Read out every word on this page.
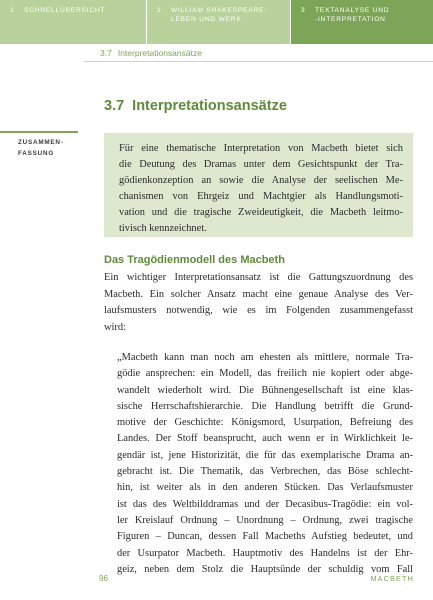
1 SCHNELLÜBERSICHT	2 WILLIAM SHAKESPEARE:
LEBEN UND WERK
3 TEXTANALYSE UND
-INTERPRETATION
3.7 Interpretationsansätze
3.7 Interpretationsansätze
ZUSAMMEN-
FASSUNG	Für eine thematische Interpretation von Macbeth bietet sich
die Deutung des Dramas unter dem Gesichtspunkt der Tra-
gödienkonzeption an sowie die Analyse der seelischen Me-
chanismen von Ehrgeiz und Machtgier als Handlungsmoti-
vation und die tragische Zweideutigkeit, die Macbeth leitmo-
tivisch kennzeichnet.
Das Tragödienmodell des Macbeth
Ein wichtiger Interpretationsansatz ist die Gattungszuordnung des
Macbeth. Ein solcher Ansatz macht eine genaue Analyse des Ver-
laufsmusters notwendig, wie es im Folgenden zusammengefasst
wird:
„Macbeth kann man noch am ehesten als mittlere, normale Tra-
gödie ansprechen: ein Modell, das freilich nie kopiert oder abge-
wandelt wiederholt wird. Die Bühnengesellschaft ist eine klas-
sische Herrschaftshierarchie. Die Handlung betrifft die Grund-
motive der Geschichte: Königsmord, Usurpation, Befreiung des
Landes. Der Stoff beansprucht, auch wenn er in Wirklichkeit le-
gendär ist, jene Historizität, die für das exemplarische Drama an-
gebracht ist. Die Thematik, das Verbrechen, das Böse schlecht-
hin, ist weiter als in den anderen Stücken. Das Verlaufsmuster
ist das des Weltbilddramas und der Decasibus-Tragödie: ein vol-
ler Kreislauf Ordnung – Unordnung – Ordnung, zwei tragische
Figuren – Duncan, dessen Fall Macbeths Aufstieg bedeutet, und
der Usurpator Macbeth. Hauptmotiv des Handelns ist der Ehr-
geiz, neben dem Stolz die Hauptsünde der schuldig vom Fall
96	MACBETH
